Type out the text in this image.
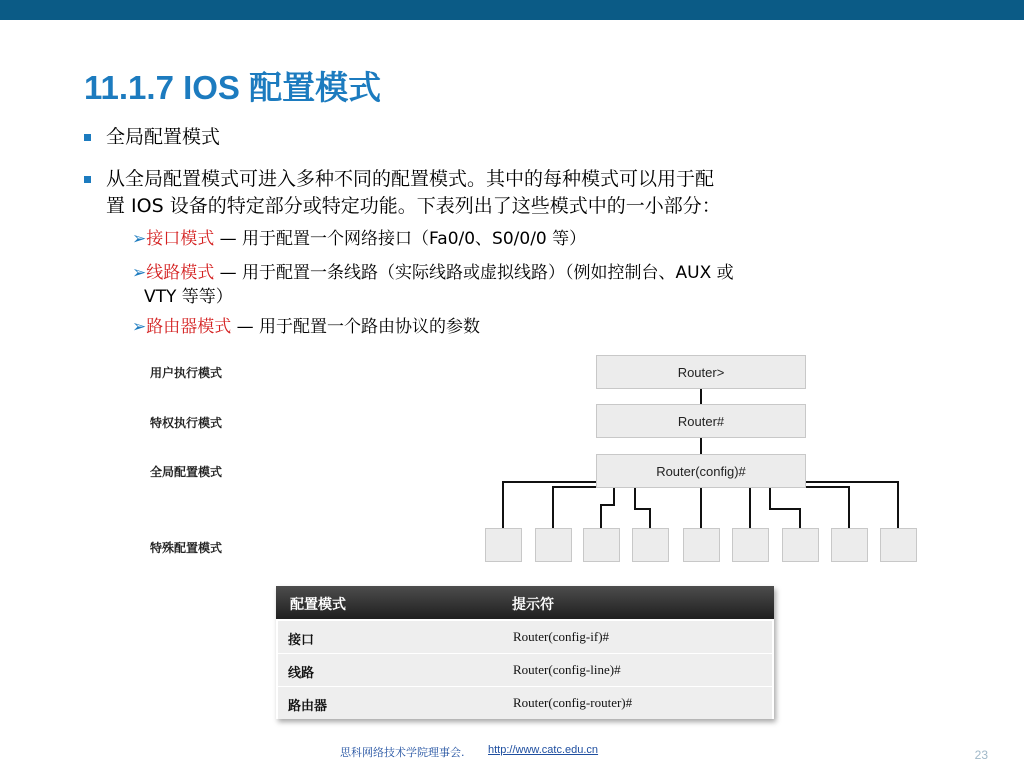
11.1.7 IOS 配置模式
全局配置模式
从全局配置模式可进入多种不同的配置模式。其中的每种模式可以用于配
置 IOS 设备的特定部分或特定功能。下表列出了这些模式中的一小部分：
➢接口模式 — 用于配置一个网络接口（Fa0/0、S0/0/0 等）
➢线路模式 — 用于配置一条线路（实际线路或虚拟线路）（例如控制台、AUX 或
VTY 等等）
➢路由器模式 — 用于配置一个路由协议的参数
用户执行模式
特权执行模式
全局配置模式
特殊配置模式
Router>
Router#
Router(config)#
配置模式	提示符
接口	Router(config-if)#
线路	Router(config-line)#
路由器	Router(config-router)#
思科网络技术学院理事会. http://www.catc.edu.cn	23
